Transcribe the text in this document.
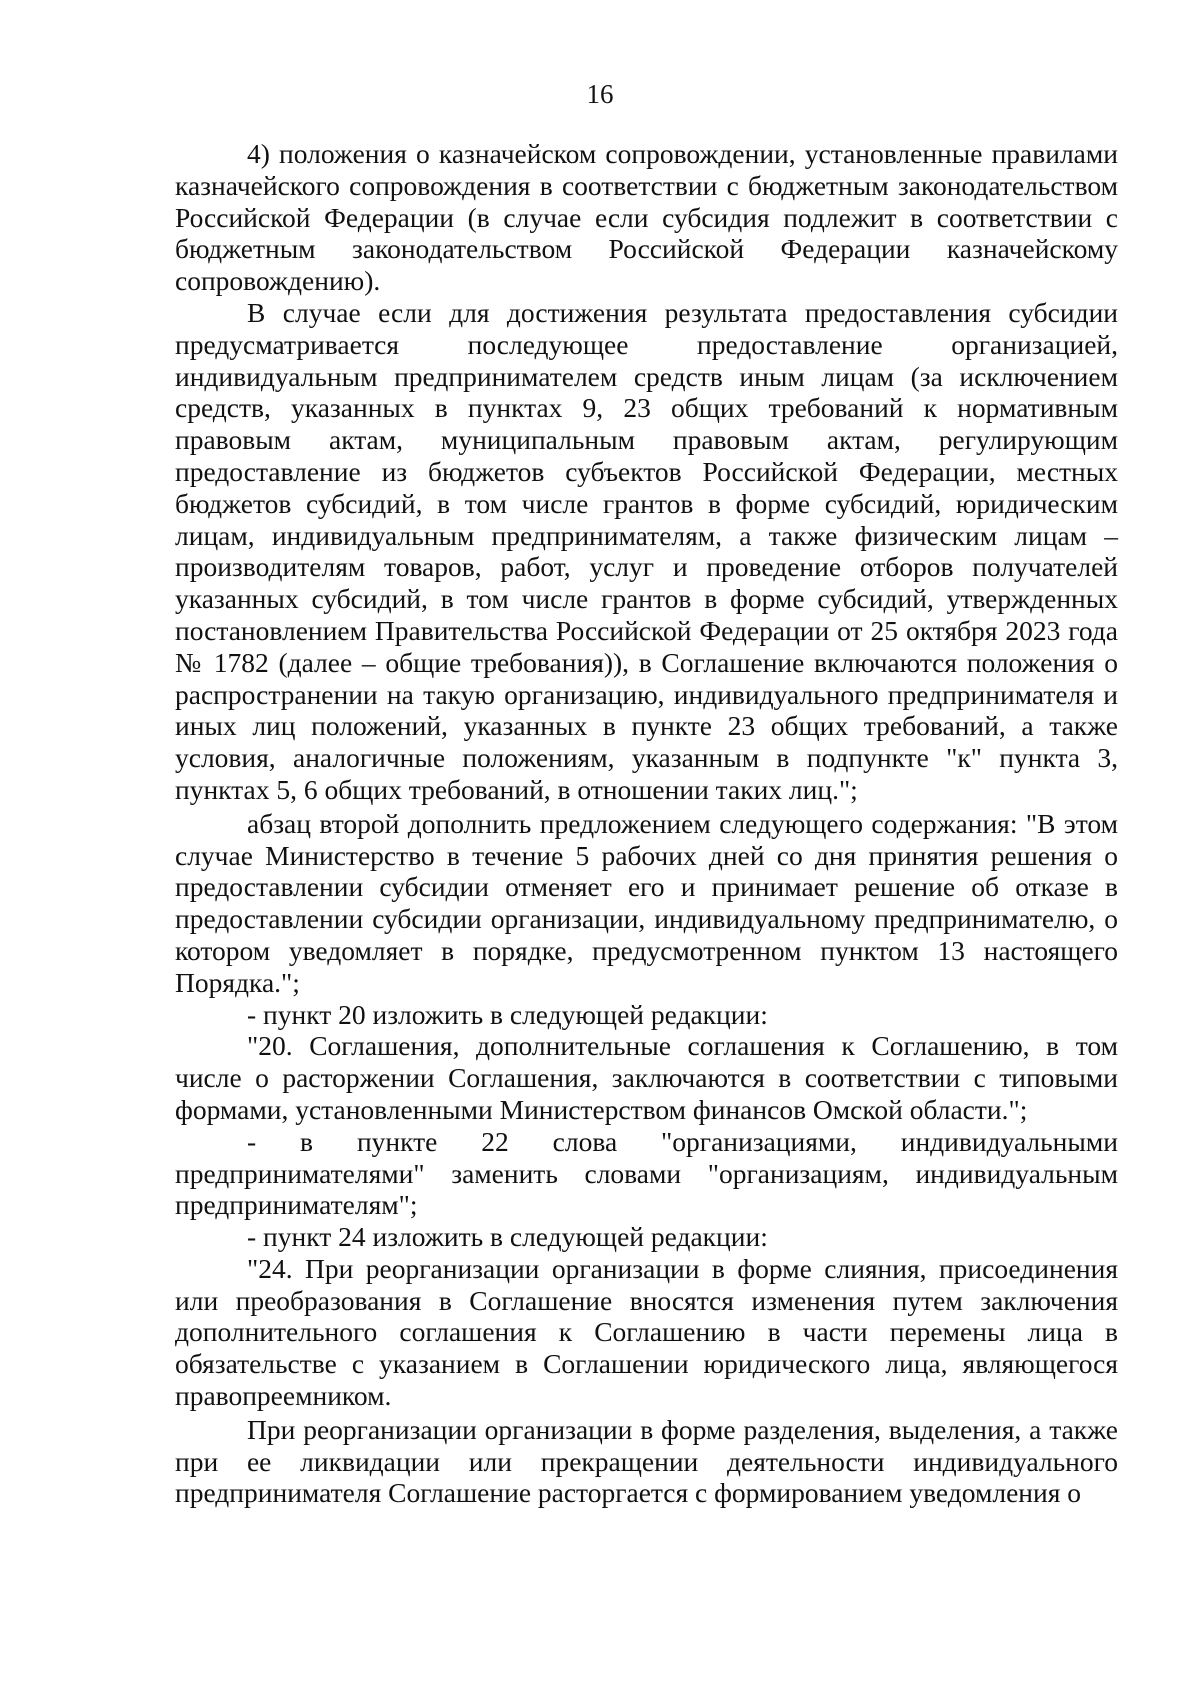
16

4) положения о казначейском сопровождении, установленные правилами казначейского сопровождения в соответствии с бюджетным законодательством Российской Федерации (в случае если субсидия подлежит в соответствии с бюджетным законодательством Российской Федерации казначейскому сопровождению).

В случае если для достижения результата предоставления субсидии предусматривается последующее предоставление организацией, индивидуальным предпринимателем средств иным лицам (за исключением средств, указанных в пунктах 9, 23 общих требований к нормативным правовым актам, муниципальным правовым актам, регулирующим предоставление из бюджетов субъектов Российской Федерации, местных бюджетов субсидий, в том числе грантов в форме субсидий, юридическим лицам, индивидуальным предпринимателям, а также физическим лицам – производителям товаров, работ, услуг и проведение отборов получателей указанных субсидий, в том числе грантов в форме субсидий, утвержденных постановлением Правительства Российской Федерации от 25 октября 2023 года № 1782 (далее – общие требования)), в Соглашение включаются положения о распространении на такую организацию, индивидуального предпринимателя и иных лиц положений, указанных в пункте 23 общих требований, а также условия, аналогичные положениям, указанным в подпункте "к" пункта 3, пунктах 5, 6 общих требований, в отношении таких лиц.";

абзац второй дополнить предложением следующего содержания: "В этом случае Министерство в течение 5 рабочих дней со дня принятия решения о предоставлении субсидии отменяет его и принимает решение об отказе в предоставлении субсидии организации, индивидуальному предпринимателю, о котором уведомляет в порядке, предусмотренном пунктом 13 настоящего Порядка.";

- пункт 20 изложить в следующей редакции:

"20. Соглашения, дополнительные соглашения к Соглашению, в том числе о расторжении Соглашения, заключаются в соответствии с типовыми формами, установленными Министерством финансов Омской области.";

- в пункте 22 слова "организациями, индивидуальными предпринимателями" заменить словами "организациям, индивидуальным предпринимателям";

- пункт 24 изложить в следующей редакции:

"24. При реорганизации организации в форме слияния, присоединения или преобразования в Соглашение вносятся изменения путем заключения дополнительного соглашения к Соглашению в части перемены лица в обязательстве с указанием в Соглашении юридического лица, являющегося правопреемником.

При реорганизации организации в форме разделения, выделения, а также при ее ликвидации или прекращении деятельности индивидуального предпринимателя Соглашение расторгается с формированием уведомления о
